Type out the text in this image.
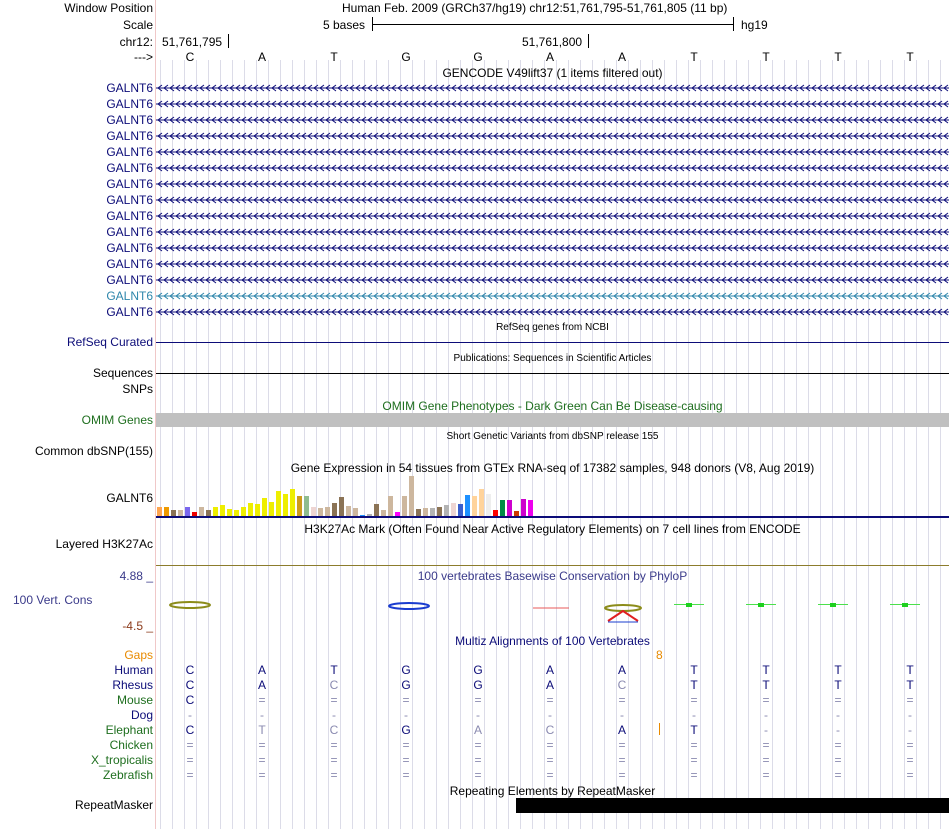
Window Position	Human Feb. 2009 (GRCh37/hg19) chr12:51,761,795-51,761,805 (11 bp)
Scale	5 bases	hg19
chr12: 51,761,795	51,761,800
--->	C	A	T	G	G	A	A	T	T	T	T
GENCODE V49lift37 (1 items filtered out)
GALNT6
GALNT6
GALNT6
GALNT6
GALNT6
GALNT6
GALNT6
GALNT6
GALNT6
GALNT6
GALNT6
GALNT6
GALNT6
GALNT6
GALNT6
RefSeq genes from NCBI
RefSeq Curated
Publications: Sequences in Scientific Articles
Sequences
SNPs
OMIM Gene Phenotypes - Dark Green Can Be Disease-causing
OMIM Genes
Short Genetic Variants from dbSNP release 155
Common dbSNP(155)
Gene Expression in 54 tissues from GTEx RNA-seq of 17382 samples, 948 donors (V8, Aug 2019)
GALNT6
H3K27Ac Mark (Often Found Near Active Regulatory Elements) on 7 cell lines from ENCODE
Layered H3K27Ac
100 vertebrates Basewise Conservation by PhyloP
4.88 _
100 Vert. Cons
-4.5 _
Multiz Alignments of 100 Vertebrates
Gaps	8
Human	C	A	T	G	G	A	A	T	T	T	T
Rhesus	C	A	C	G	G	A	C	T	T	T	T
Mouse	C	=	=	=	=	=	=	=	=	=	=
Dog	-	-	-	-	-	-	-	-	-	-	-
Elephant	C	T	C	G	A	C	A	T	-	-	-
Chicken	=	=	=	=	=	=	=	=	=	=	=
X_tropicalis	=	=	=	=	=	=	=	=	=	=	=
Zebrafish	=	=	=	=	=	=	=	=	=	=	=
Repeating Elements by RepeatMasker
RepeatMasker
